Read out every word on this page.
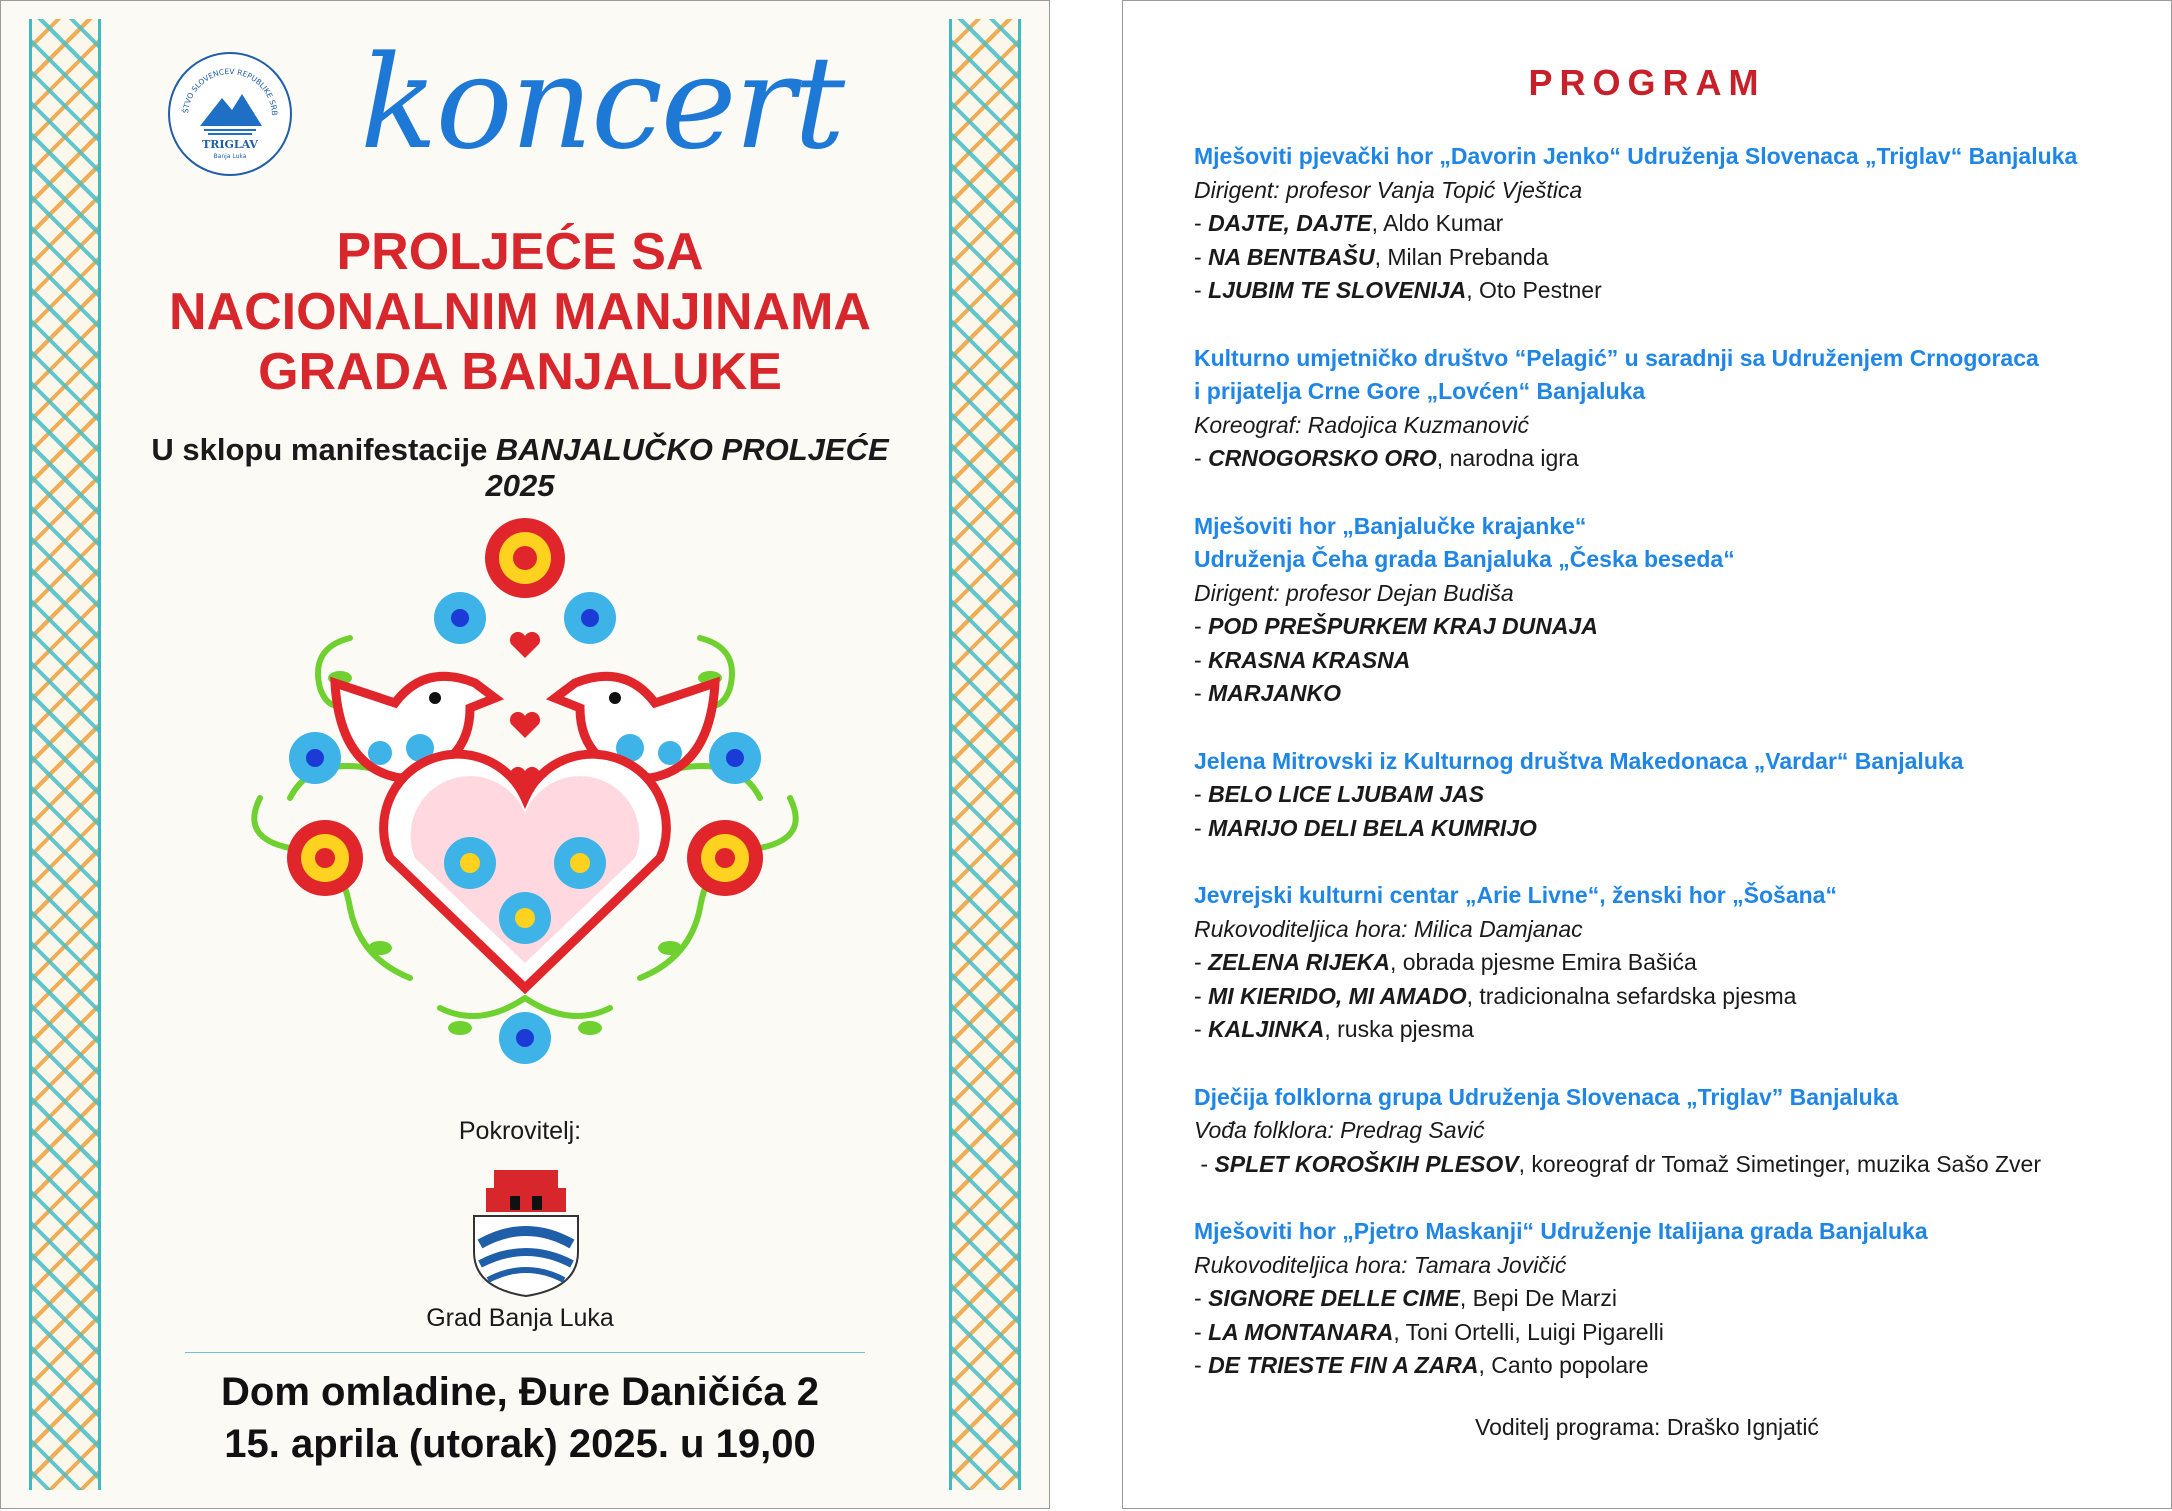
ŠTVO SLOVENCEV REPUBLIKE SRB
TRIGLAV
Banja Luka koncert
PROLJEĆE SA
NACIONALNIM MANJINAMA
GRADA BANJALUKE
U sklopu manifestacije BANJALUČKO PROLJEĆE 2025
Pokrovitelj:
Grad Banja Luka
Dom omladine, Đure Daničića 2
15. aprila (utorak) 2025. u 19,00
PROGRAM
Mješoviti pjevački hor „Davorin Jenko“ Udruženja Slovenaca „Triglav“ Banjaluka
Dirigent: profesor Vanja Topić Vještica
- DAJTE, DAJTE, Aldo Kumar
- NA BENTBAŠU, Milan Prebanda
- LJUBIM TE SLOVENIJA, Oto Pestner
Kulturno umjetničko društvo “Pelagić” u saradnji sa Udruženjem Crnogoraca
i prijatelja Crne Gore „Lovćen“ Banjaluka
Koreograf: Radojica Kuzmanović
- CRNOGORSKO ORO, narodna igra
Mješoviti hor „Banjalučke krajanke“
Udruženja Čeha grada Banjaluka „Česka beseda“
Dirigent: profesor Dejan Budiša
- POD PREŠPURKEM KRAJ DUNAJA
- KRASNA KRASNA
- MARJANKO
Jelena Mitrovski iz Kulturnog društva Makedonaca „Vardar“ Banjaluka
- BELO LICE LJUBAM JAS
- MARIJO DELI BELA KUMRIJO
Jevrejski kulturni centar „Arie Livne“, ženski hor „Šošana“
Rukovoditeljica hora: Milica Damjanac
- ZELENA RIJEKA, obrada pjesme Emira Bašića
- MI KIERIDO, MI AMADO, tradicionalna sefardska pjesma
- KALJINKA, ruska pjesma
Dječija folklorna grupa Udruženja Slovenaca „Triglav” Banjaluka
Vođa folklora: Predrag Savić
- SPLET KOROŠKIH PLESOV, koreograf dr Tomaž Simetinger, muzika Sašo Zver
Mješoviti hor „Pjetro Maskanji“ Udruženje Italijana grada Banjaluka
Rukovoditeljica hora: Tamara Jovičić
- SIGNORE DELLE CIME, Bepi De Marzi
- LA MONTANARA, Toni Ortelli, Luigi Pigarelli
- DE TRIESTE FIN A ZARA, Canto popolare
Voditelj programa: Draško Ignjatić
